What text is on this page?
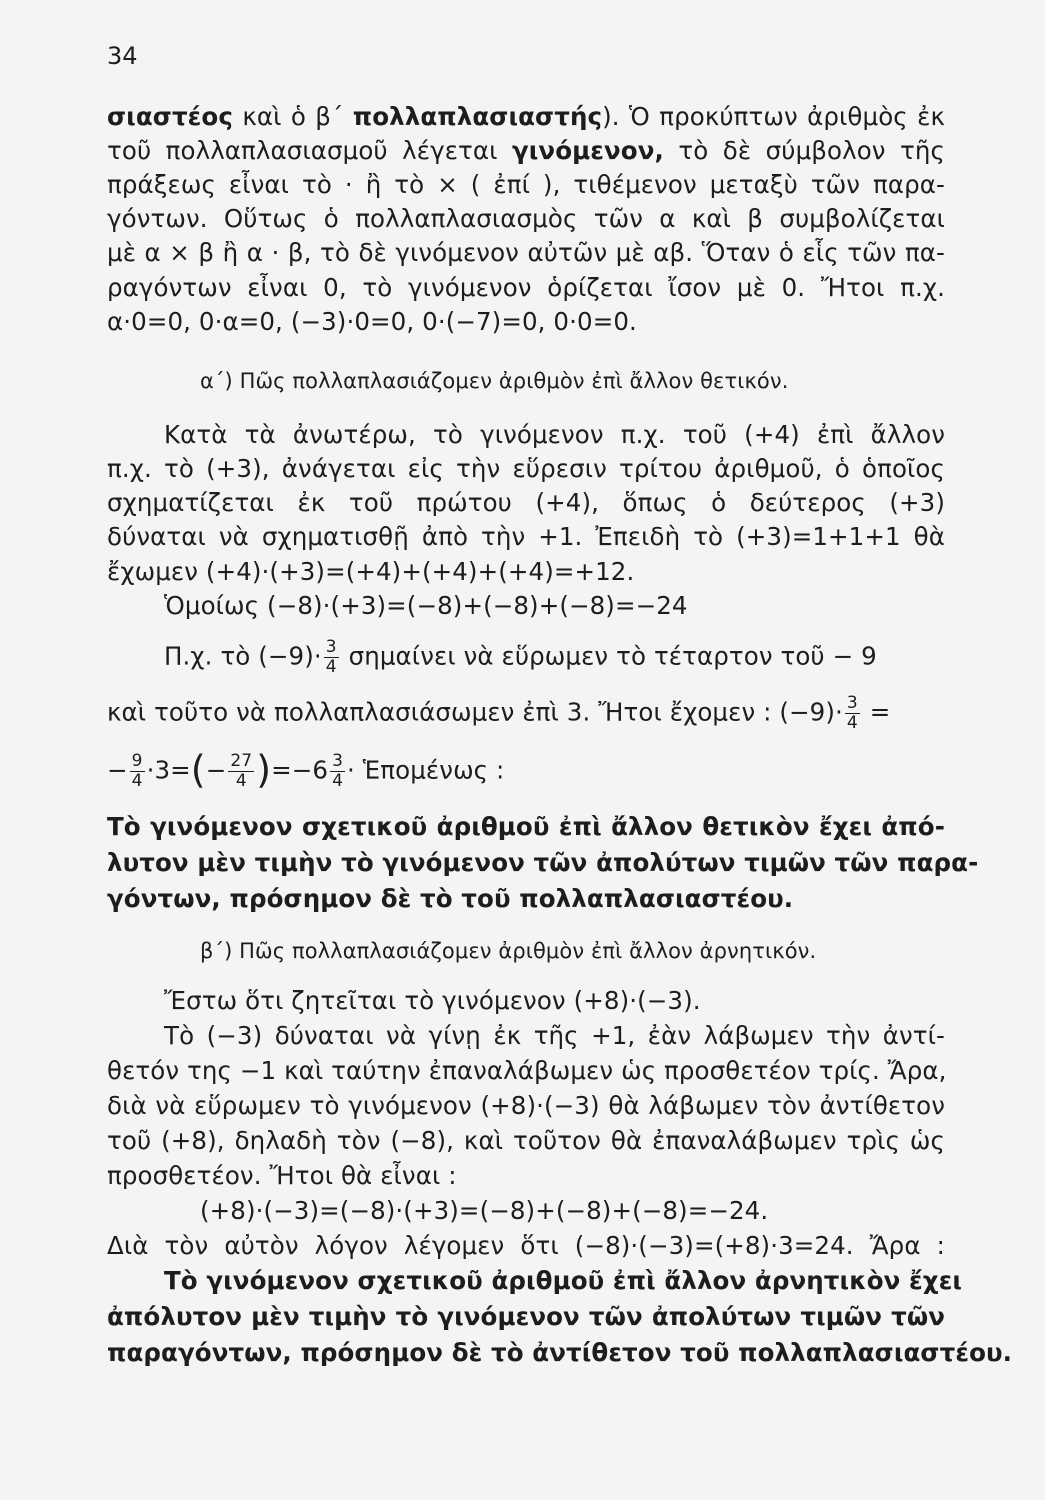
34
σιαστέος καὶ ὁ β΄ πολλαπλασιαστής). Ὁ προκύπτων ἀριθμὸς ἐκ
τοῦ πολλαπλασιασμοῦ λέγεται γινόμενον, τὸ δὲ σύμβολον τῆς
πράξεως εἶναι τὸ · ἢ τὸ × ( ἐπί ), τιθέμενον μεταξὺ τῶν παρα-
γόντων. Οὕτως ὁ πολλαπλασιασμὸς τῶν α καὶ β συμβολίζεται
μὲ α × β ἢ α · β, τὸ δὲ γινόμενον αὐτῶν μὲ αβ. Ὅταν ὁ εἷς τῶν πα-
ραγόντων εἶναι 0, τὸ γινόμενον ὁρίζεται ἴσον μὲ 0. Ἤτοι π.χ.
α·0=0, 0·α=0, (−3)·0=0, 0·(−7)=0, 0·0=0.
α΄) Πῶς πολλαπλασιάζομεν ἀριθμὸν ἐπὶ ἄλλον θετικόν.
Κατὰ τὰ ἀνωτέρω, τὸ γινόμενον π.χ. τοῦ (+4) ἐπὶ ἄλλον
π.χ. τὸ (+3), ἀνάγεται εἰς τὴν εὕρεσιν τρίτου ἀριθμοῦ, ὁ ὁποῖος
σχηματίζεται ἐκ τοῦ πρώτου (+4), ὅπως ὁ δεύτερος (+3)
δύναται νὰ σχηματισθῇ ἀπὸ τὴν +1. Ἐπειδὴ τὸ (+3)=1+1+1 θὰ
ἔχωμεν (+4)·(+3)=(+4)+(+4)+(+4)=+12.
Ὁμοίως (−8)·(+3)=(−8)+(−8)+(−8)=−24
Π.χ. τὸ $(-9)\cdot \frac{3}{4}$ σημαίνει νὰ εὕρωμεν τὸ τέταρτον τοῦ − 9
καὶ τοῦτο νὰ πολλαπλασιάσωμεν ἐπὶ 3. Ἤτοι ἔχομεν : $(-9)\cdot \frac{3}{4}$ =
− $\frac{9}{4} \cdot 3=(- \frac{27}{4} )=-6 \frac{3}{4}$ · Ἑπομένως :
Τὸ γινόμενον σχετικοῦ ἀριθμοῦ ἐπὶ ἄλλον θετικὸν ἔχει ἀπό-
λυτον μὲν τιμὴν τὸ γινόμενον τῶν ἀπολύτων τιμῶν τῶν παρα-
γόντων, πρόσημον δὲ τὸ τοῦ πολλαπλασιαστέου.
β΄) Πῶς πολλαπλασιάζομεν ἀριθμὸν ἐπὶ ἄλλον ἀρνητικόν.
Ἔστω ὅτι ζητεῖται τὸ γινόμενον (+8)·(−3).
Τὸ (−3) δύναται νὰ γίνῃ ἐκ τῆς +1, ἐὰν λάβωμεν τὴν ἀντί-
θετόν της −1 καὶ ταύτην ἐπαναλάβωμεν ὡς προσθετέον τρίς. Ἄρα,
διὰ νὰ εὕρωμεν τὸ γινόμενον (+8)·(−3) θὰ λάβωμεν τὸν ἀντίθετον
τοῦ (+8), δηλαδὴ τὸν (−8), καὶ τοῦτον θὰ ἐπαναλάβωμεν τρὶς ὡς
προσθετέον. Ἤτοι θὰ εἶναι :
(+8)·(−3)=(−8)·(+3)=(−8)+(−8)+(−8)=−24.
Διὰ τὸν αὐτὸν λόγον λέγομεν ὅτι (−8)·(−3)=(+8)·3=24. Ἄρα :
Τὸ γινόμενον σχετικοῦ ἀριθμοῦ ἐπὶ ἄλλον ἀρνητικὸν ἔχει
ἀπόλυτον μὲν τιμὴν τὸ γινόμενον τῶν ἀπολύτων τιμῶν τῶν
παραγόντων, πρόσημον δὲ τὸ ἀντίθετον τοῦ πολλαπλασιαστέου.
